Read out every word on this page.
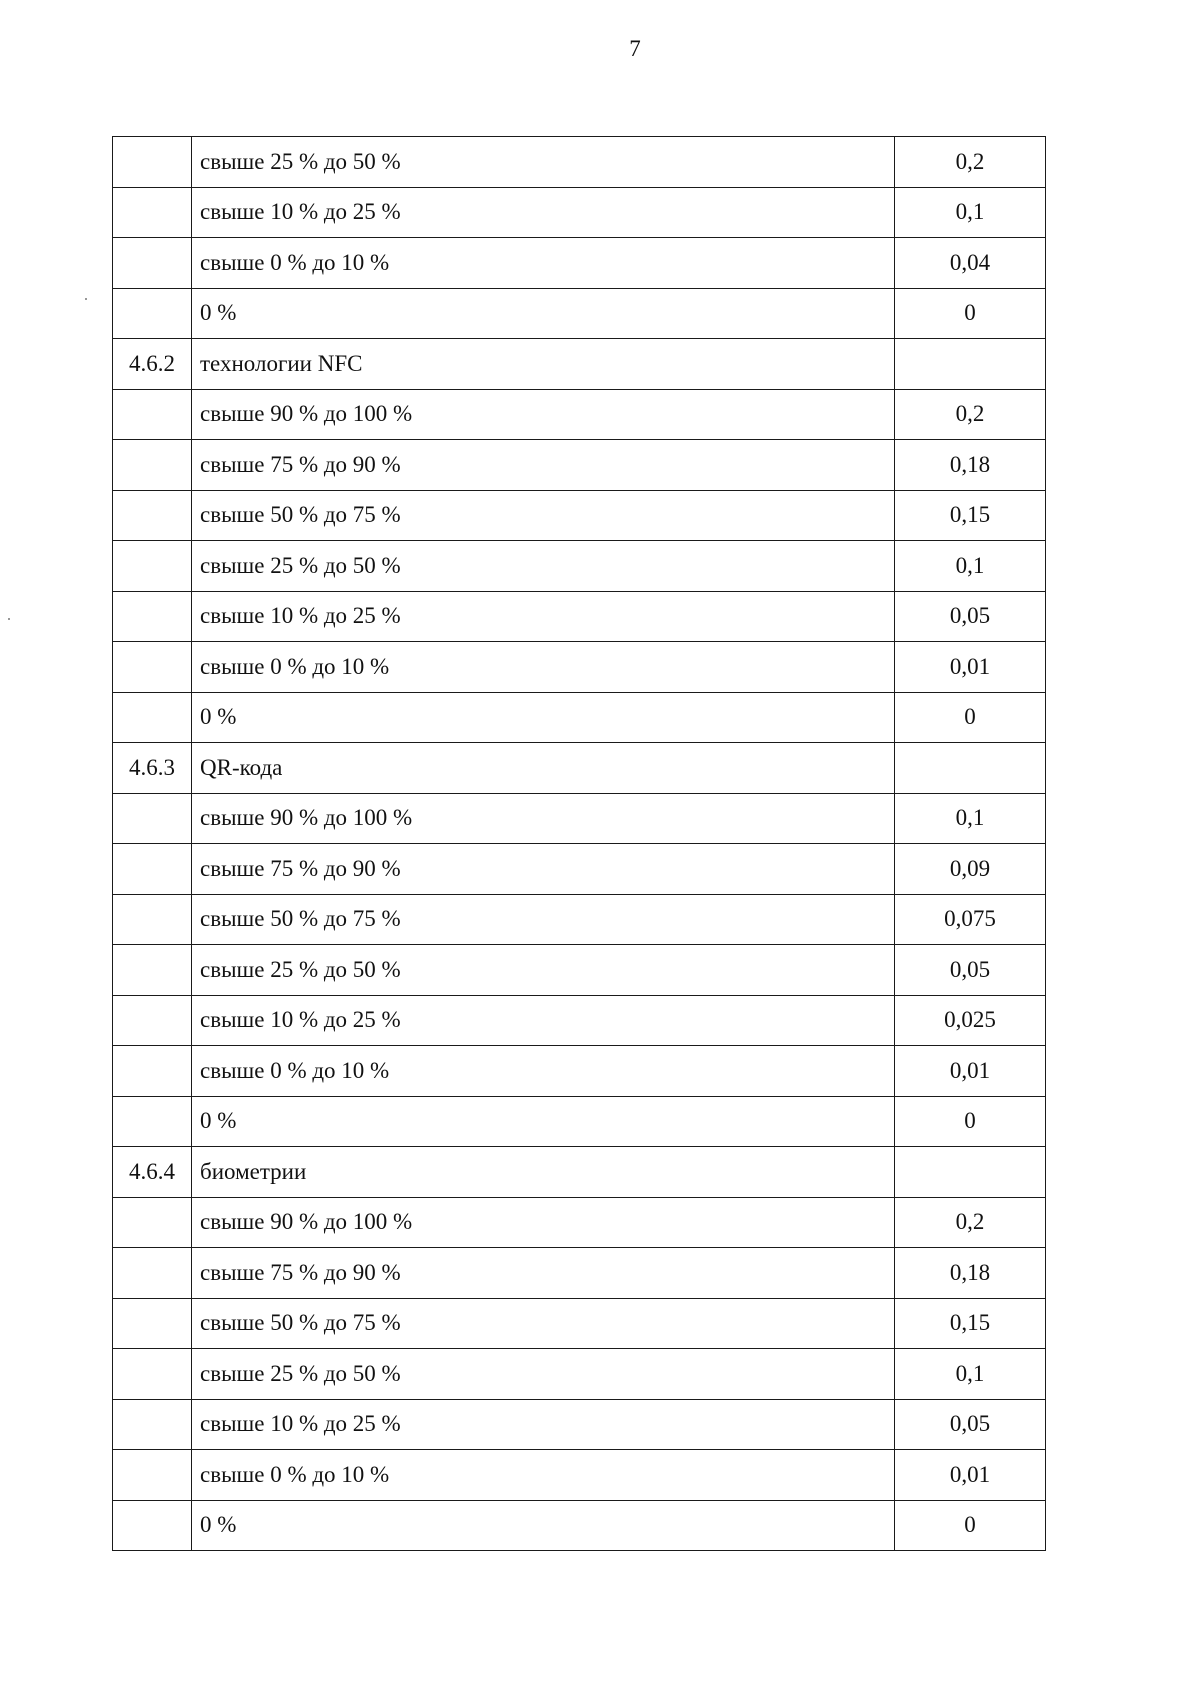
7
	свыше 25 % до 50 %	0,2
	свыше 10 % до 25 %	0,1
	свыше 0 % до 10 %	0,04
	0 %	0
4.6.2	технологии NFC	
	свыше 90 % до 100 %	0,2
	свыше 75 % до 90 %	0,18
	свыше 50 % до 75 %	0,15
	свыше 25 % до 50 %	0,1
	свыше 10 % до 25 %	0,05
	свыше 0 % до 10 %	0,01
	0 %	0
4.6.3	QR-кода	
	свыше 90 % до 100 %	0,1
	свыше 75 % до 90 %	0,09
	свыше 50 % до 75 %	0,075
	свыше 25 % до 50 %	0,05
	свыше 10 % до 25 %	0,025
	свыше 0 % до 10 %	0,01
	0 %	0
4.6.4	биометрии	
	свыше 90 % до 100 %	0,2
	свыше 75 % до 90 %	0,18
	свыше 50 % до 75 %	0,15
	свыше 25 % до 50 %	0,1
	свыше 10 % до 25 %	0,05
	свыше 0 % до 10 %	0,01
	0 %	0
